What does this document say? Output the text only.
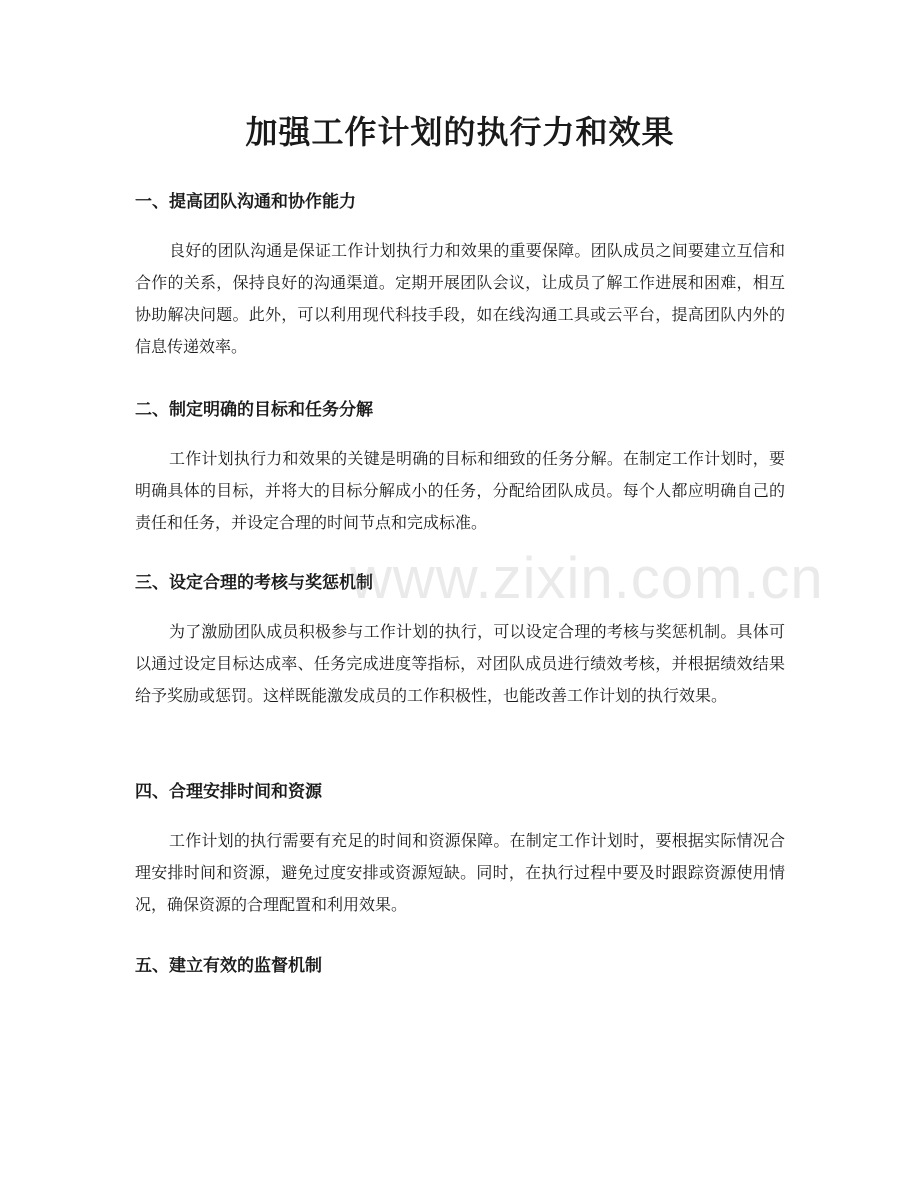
加强工作计划的执行力和效果
一、提高团队沟通和协作能力

良好的团队沟通是保证工作计划执行力和效果的重要保障。团队成员之间要建立互信和合作的关系，保持良好的沟通渠道。定期开展团队会议，让成员了解工作进展和困难，相互协助解决问题。此外，可以利用现代科技手段，如在线沟通工具或云平台，提高团队内外的信息传递效率。

二、制定明确的目标和任务分解

工作计划执行力和效果的关键是明确的目标和细致的任务分解。在制定工作计划时，要明确具体的目标，并将大的目标分解成小的任务，分配给团队成员。每个人都应明确自己的责任和任务，并设定合理的时间节点和完成标准。

三、设定合理的考核与奖惩机制

为了激励团队成员积极参与工作计划的执行，可以设定合理的考核与奖惩机制。具体可以通过设定目标达成率、任务完成进度等指标，对团队成员进行绩效考核，并根据绩效结果给予奖励或惩罚。这样既能激发成员的工作积极性，也能改善工作计划的执行效果。

四、合理安排时间和资源

工作计划的执行需要有充足的时间和资源保障。在制定工作计划时，要根据实际情况合理安排时间和资源，避免过度安排或资源短缺。同时，在执行过程中要及时跟踪资源使用情况，确保资源的合理配置和利用效果。

五、建立有效的监督机制
www.zixin.com.cn
